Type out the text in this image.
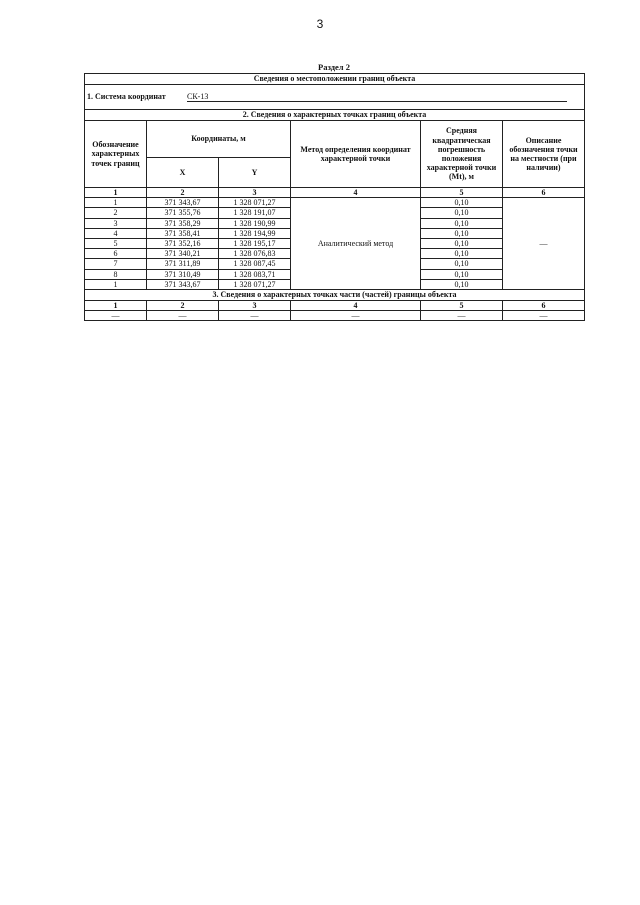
3
Раздел 2
Сведения о местоположении границ объекта					
1. Система координат СК-13					
2. Сведения о характерных точках границ объекта					
Обозначение характерных точек границ	Координаты, м		Метод определения координат характерной точки	Средняя квадратическая погрешность положения характерной точки (Mt), м	Описание обозначения точки на местности (при наличии)
	X	Y			
1	2	3	4	5	6
1	371 343,67	1 328 071,27	Аналитический метод	0,10	—
2	371 355,76	1 328 191,07		0,10	
3	371 358,29	1 328 190,99		0,10	
4	371 358,41	1 328 194,99		0,10	
5	371 352,16	1 328 195,17		0,10	
6	371 340,21	1 328 076,83		0,10	
7	371 311,89	1 328 087,45		0,10	
8	371 310,49	1 328 083,71		0,10	
1	371 343,67	1 328 071,27		0,10	
3. Сведения о характерных точках части (частей) границы объекта					
1	2	3	4	5	6
—	—	—	—	—	—
